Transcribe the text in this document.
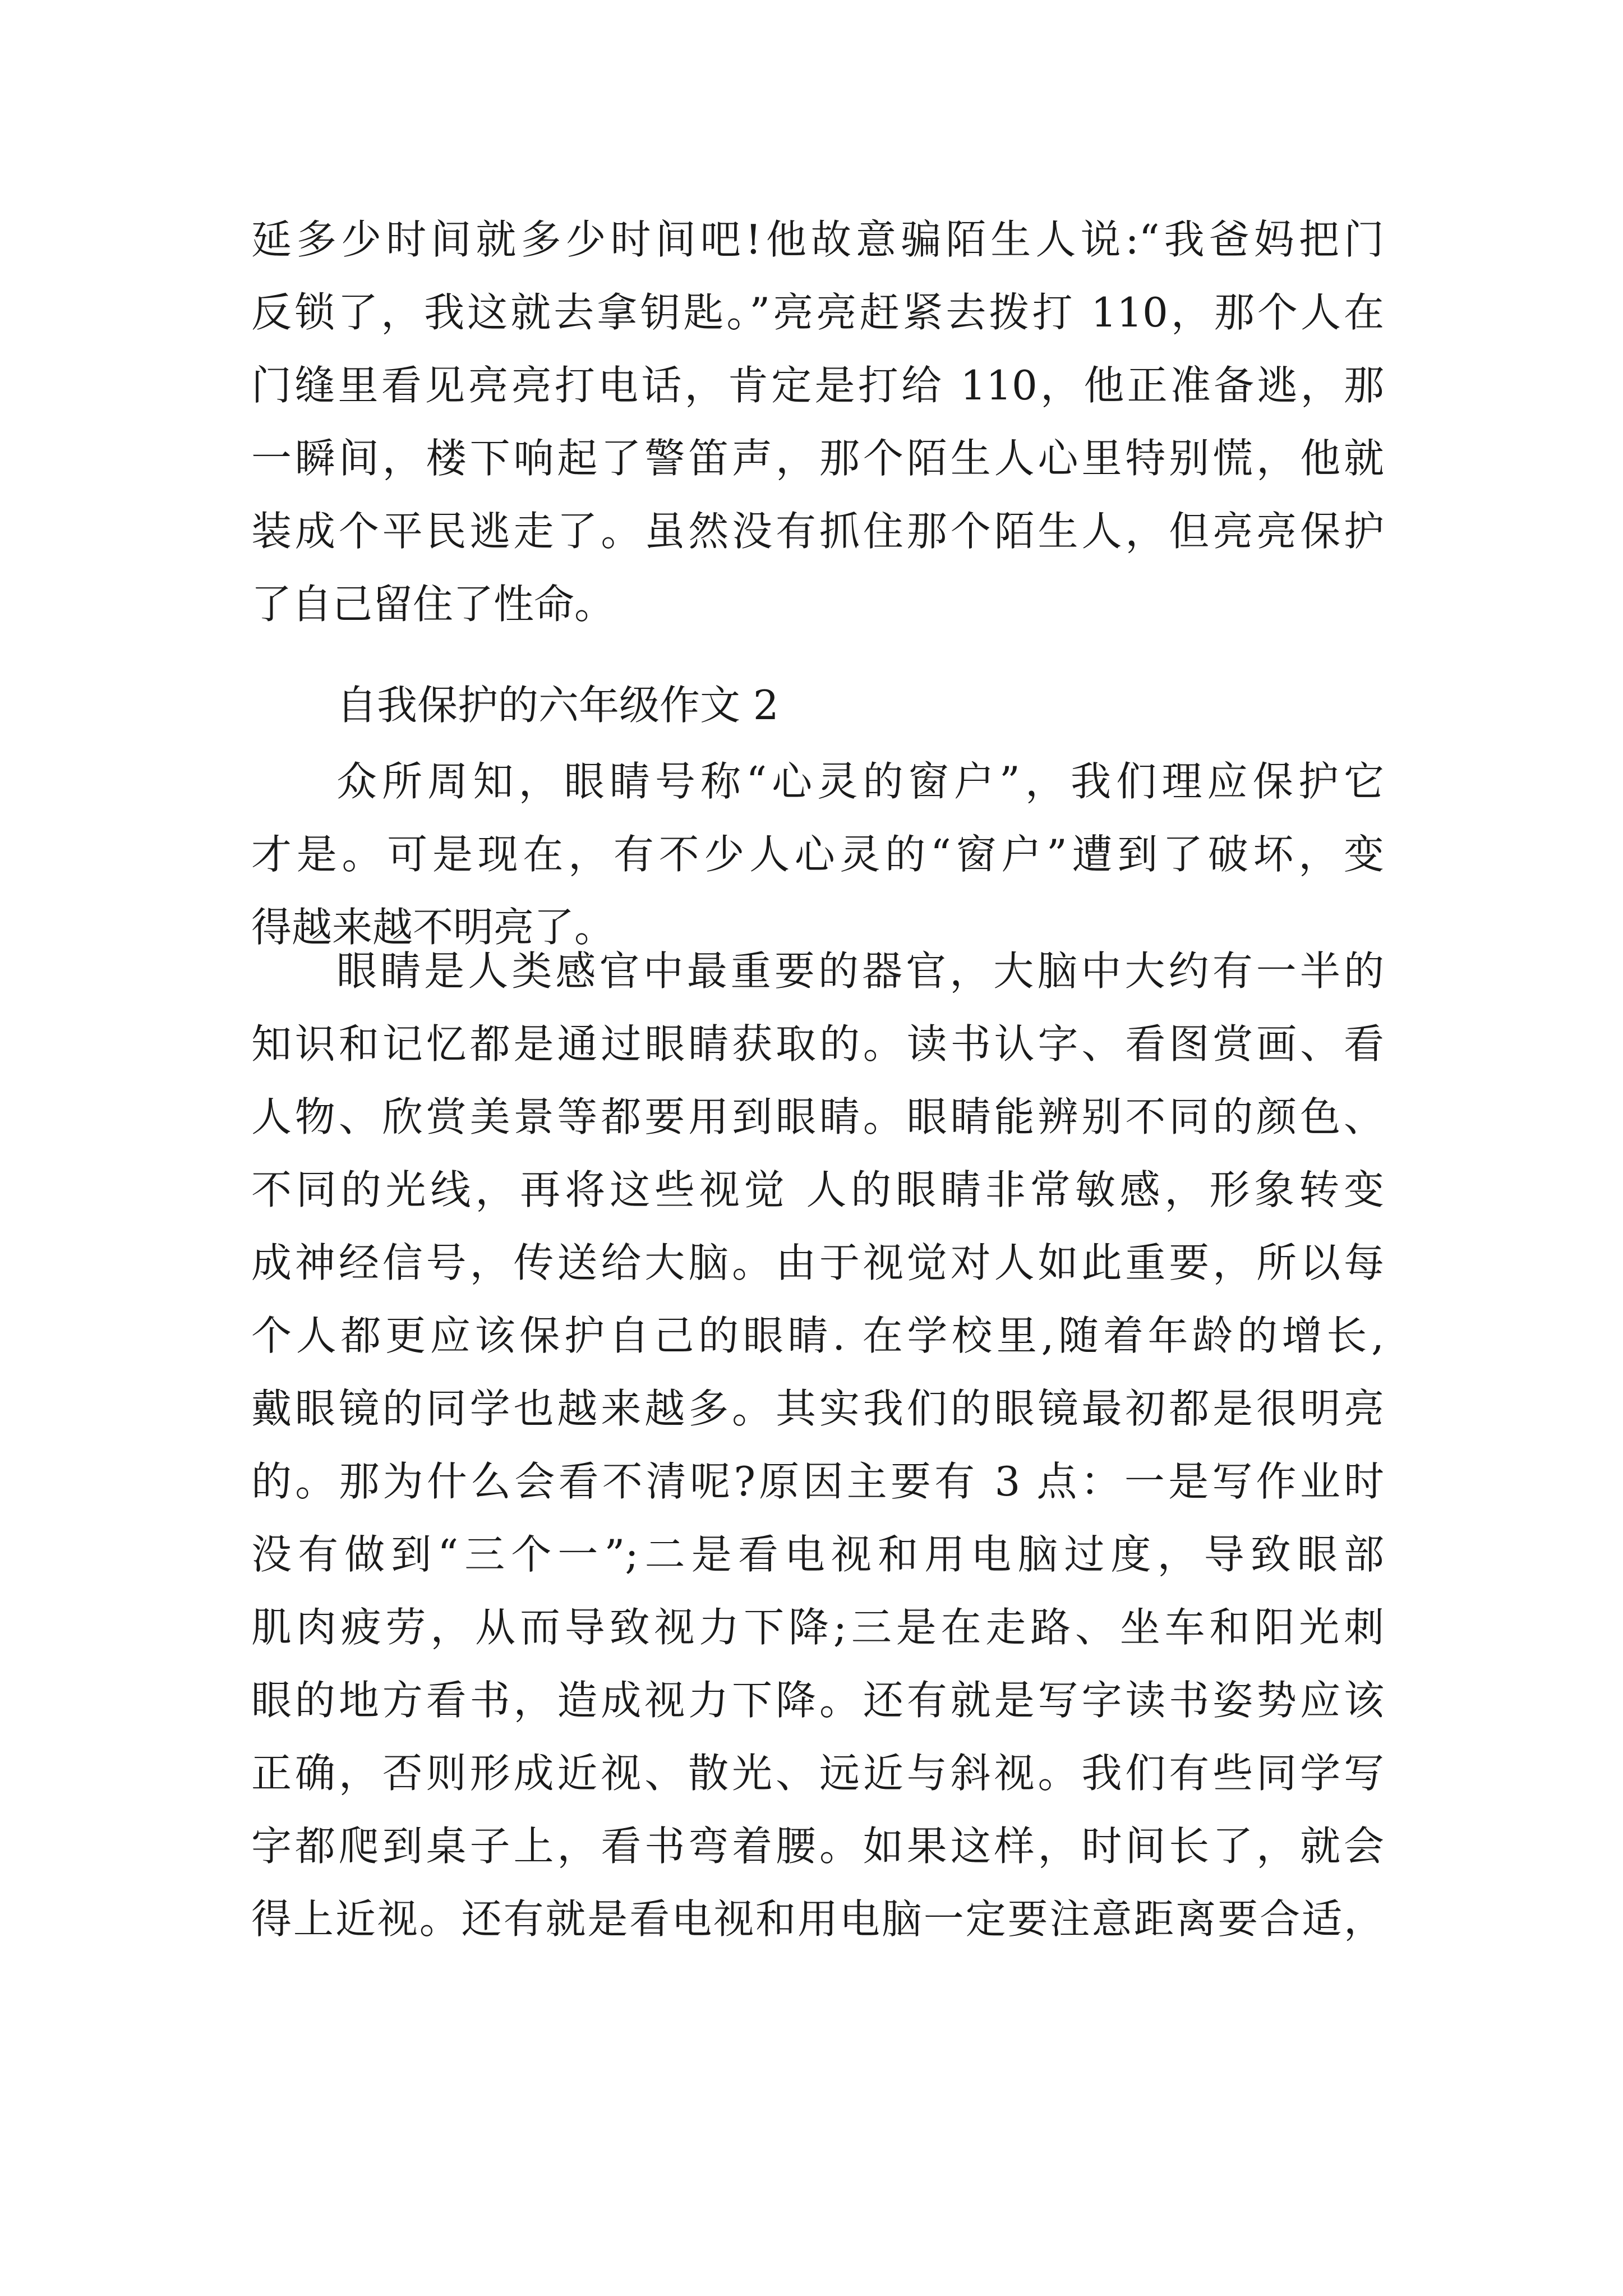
延多少时间就多少时间吧!他故意骗陌生人说:“我爸妈把门
反锁了，我这就去拿钥匙。”亮亮赶紧去拨打 110，那个人在
门缝里看见亮亮打电话，肯定是打给 110，他正准备逃，那
一瞬间，楼下响起了警笛声，那个陌生人心里特别慌，他就
装成个平民逃走了。虽然没有抓住那个陌生人，但亮亮保护
了自己留住了性命。
自我保护的六年级作文 2
众所周知，眼睛号称“心灵的窗户”，我们理应保护它
才是。可是现在，有不少人心灵的“窗户”遭到了破坏，变
得越来越不明亮了。
眼睛是人类感官中最重要的器官，大脑中大约有一半的
知识和记忆都是通过眼睛获取的。读书认字、看图赏画、看
人物、欣赏美景等都要用到眼睛。眼睛能辨别不同的颜色、
不同的光线，再将这些视觉 人的眼睛非常敏感，形象转变
成神经信号，传送给大脑。由于视觉对人如此重要，所以每
个人都更应该保护自己的眼睛. 在学校里,随着年龄的增长,
戴眼镜的同学也越来越多。其实我们的眼镜最初都是很明亮
的。那为什么会看不清呢?原因主要有 3 点：一是写作业时
没有做到“三个一”;二是看电视和用电脑过度，导致眼部
肌肉疲劳，从而导致视力下降;三是在走路、坐车和阳光刺
眼的地方看书，造成视力下降。还有就是写字读书姿势应该
正确，否则形成近视、散光、远近与斜视。我们有些同学写
字都爬到桌子上，看书弯着腰。如果这样，时间长了，就会
得上近视。还有就是看电视和用电脑一定要注意距离要合适，
